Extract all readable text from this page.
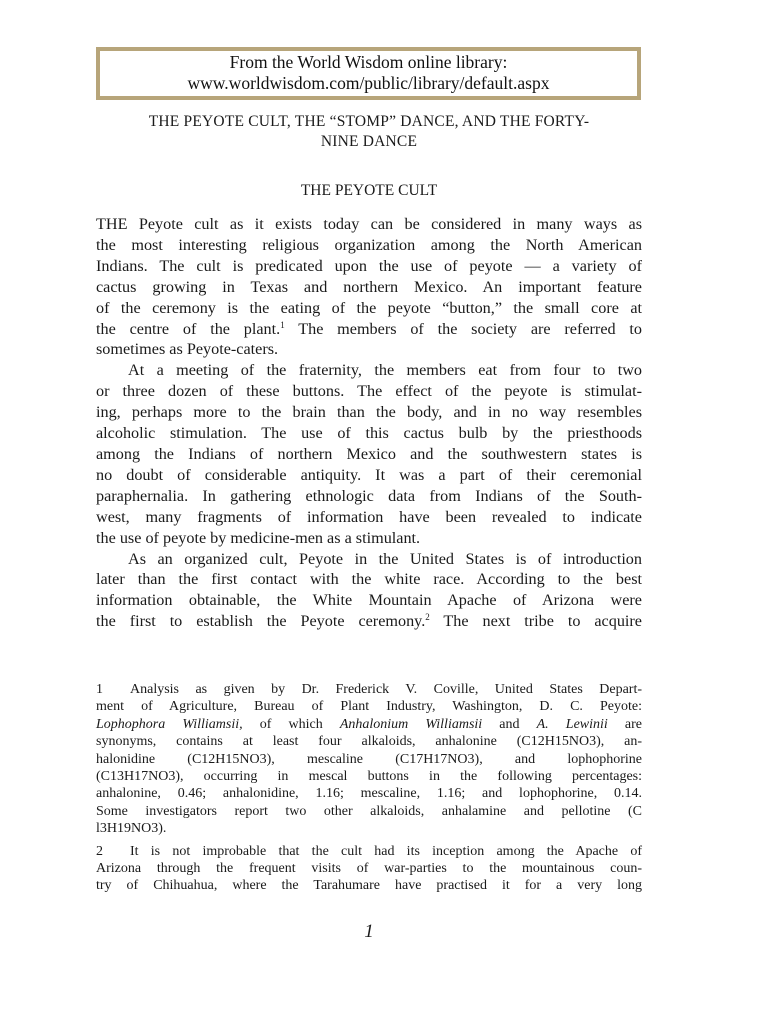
From the World Wisdom online library:
www.worldwisdom.com/public/library/default.aspx
THE PEYOTE CULT, THE “STOMP” DANCE, AND THE FORTY-
NINE DANCE
THE PEYOTE CULT
THE Peyote cult as it exists today can be considered in many ways as
the most interesting religious organization among the North American
Indians. The cult is predicated upon the use of peyote — a variety of
cactus growing in Texas and northern Mexico. An important feature
of the ceremony is the eating of the peyote “button,” the small core at
the centre of the plant.$^1$ The members of the society are referred to
sometimes as Peyote-caters.
At a meeting of the fraternity, the members eat from four to two
or three dozen of these buttons. The effect of the peyote is stimulat-
ing, perhaps more to the brain than the body, and in no way resembles
alcoholic stimulation. The use of this cactus bulb by the priesthoods
among the Indians of northern Mexico and the southwestern states is
no doubt of considerable antiquity. It was a part of their ceremonial
paraphernalia. In gathering ethnologic data from Indians of the South-
west, many fragments of information have been revealed to indicate
the use of peyote by medicine-men as a stimulant.
As an organized cult, Peyote in the United States is of introduction
later than the first contact with the white race. According to the best
information obtainable, the White Mountain Apache of Arizona were
the first to establish the Peyote ceremony.$^2$ The next tribe to acquire
1 Analysis as given by Dr. Frederick V. Coville, United States Depart-
ment of Agriculture, Bureau of Plant Industry, Washington, D. C. Peyote:
Lophophora Williamsii, of which Anhalonium Williamsii and A. Lewinii are
synonyms, contains at least four alkaloids, anhalonine (C12H15NO3), an-
halonidine (C12H15NO3), mescaline (C17H17NO3), and lophophorine
(C13H17NO3), occurring in mescal buttons in the following percentages:
anhalonine, 0.46; anhalonidine, 1.16; mescaline, 1.16; and lophophorine, 0.14.
Some investigators report two other alkaloids, anhalamine and pellotine (C
l3H19NO3).
2 It is not improbable that the cult had its inception among the Apache of
Arizona through the frequent visits of war-parties to the mountainous coun-
try of Chihuahua, where the Tarahumare have practised it for a very long
1
